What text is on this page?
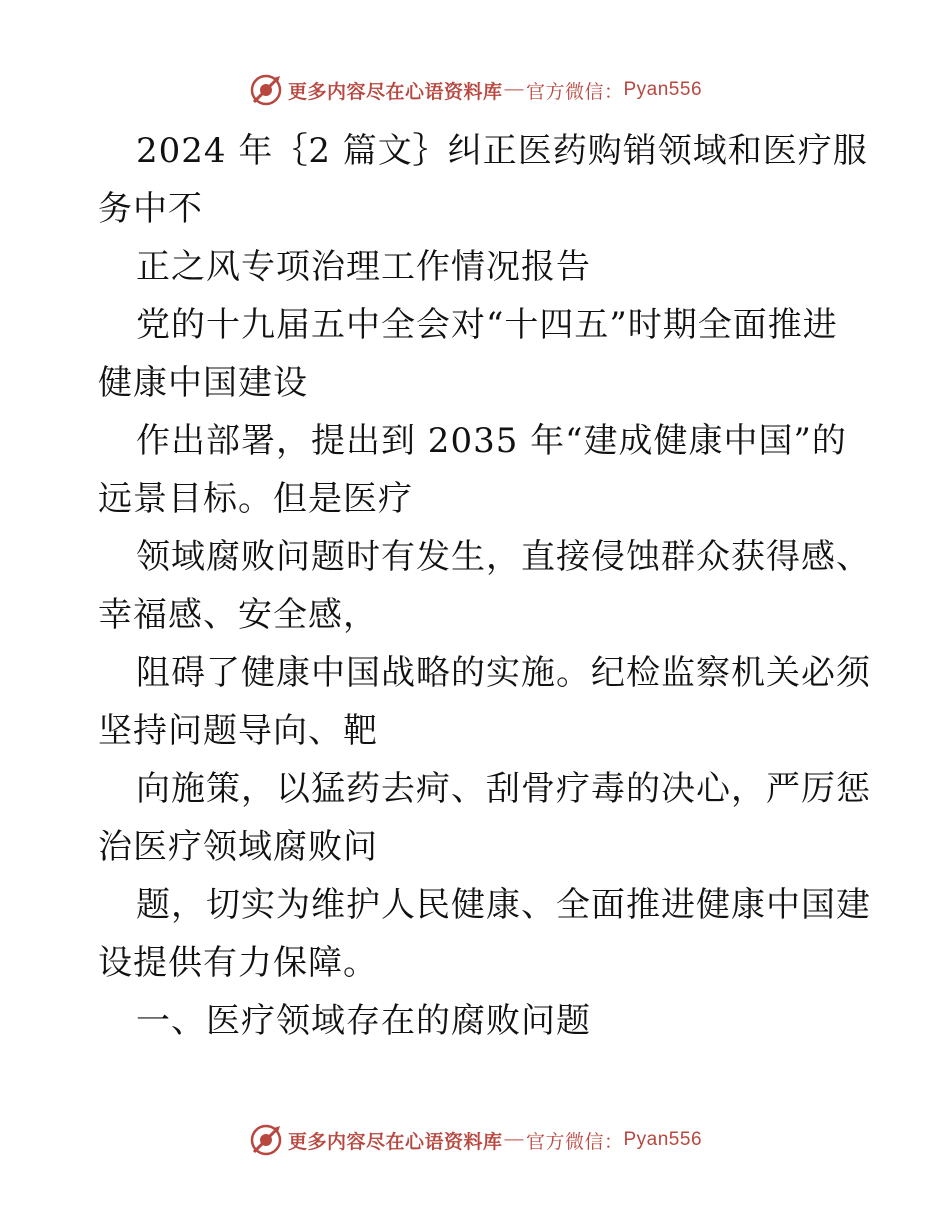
更多内容尽在心语资料库 — 官方微信： Pyan556

2024 年｛2 篇文｝纠正医药购销领域和医疗服
务中不

正之风专项治理工作情况报告

党的十九届五中全会对“十四五”时期全面推进
健康中国建设

作出部署，提出到 2035 年“建成健康中国”的
远景目标。但是医疗

领域腐败问题时有发生，直接侵蚀群众获得感、
幸福感、安全感，

阻碍了健康中国战略的实施。纪检监察机关必须
坚持问题导向、靶

向施策，以猛药去疴、刮骨疗毒的决心，严厉惩
治医疗领域腐败问

题，切实为维护人民健康、全面推进健康中国建
设提供有力保障。

一、医疗领域存在的腐败问题

更多内容尽在心语资料库 — 官方微信： Pyan556
